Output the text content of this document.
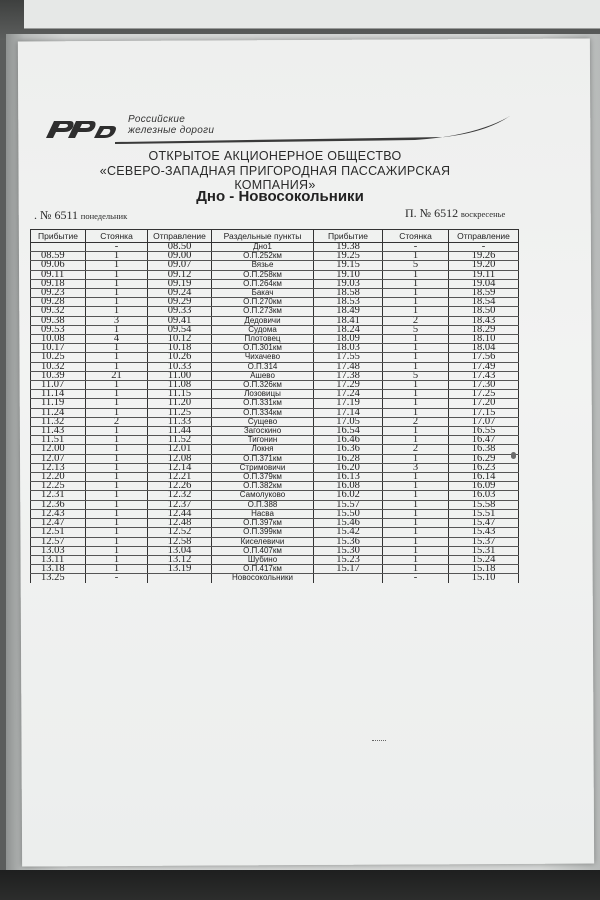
Российские
железные дороги
ОТКРЫТОЕ АКЦИОНЕРНОЕ ОБЩЕСТВО
«СЕВЕРО-ЗАПАДНАЯ ПРИГОРОДНАЯ ПАССАЖИРСКАЯ КОМПАНИЯ»
Дно - Новосокольники
. № 6511 понедельник	П. № 6512 воскресенье
Прибытие	Стоянка	Отправление	Раздельные пункты	Прибытие	Стоянка	Отправление
	-	08.50	Дно1	19.38	-	-
08.59	1	09.00	О.П.252км	19.25	1	19.26
09.06	1	09.07	Вязье	19.15	5	19.20
09.11	1	09.12	О.П.258км	19.10	1	19.11
09.18	1	09.19	О.П.264км	19.03	1	19.04
09.23	1	09.24	Бакач	18.58	1	18.59
09.28	1	09.29	О.П.270км	18.53	1	18.54
09.32	1	09.33	О.П.273км	18.49	1	18.50
09.38	3	09.41	Дедовичи	18.41	2	18.43
09.53	1	09.54	Судома	18.24	5	18.29
10.08	4	10.12	Плотовец	18.09	1	18.10
10.17	1	10.18	О.П.301км	18.03	1	18.04
10.25	1	10.26	Чихачево	17.55	1	17.56
10.32	1	10.33	О.П.314	17.48	1	17.49
10.39	21	11.00	Ашево	17.38	5	17.43
11.07	1	11.08	О.П.326км	17.29	1	17.30
11.14	1	11.15	Лозовицы	17.24	1	17.25
11.19	1	11.20	О.П.331км	17.19	1	17.20
11.24	1	11.25	О.П.334км	17.14	1	17.15
11.32	2	11.33	Сущево	17.05	2	17.07
11.43	1	11.44	Загоскино	16.54	1	16.55
11.51	1	11.52	Тигонин	16.46	1	16.47
12.00	1	12.01	Локня	16.36	2	16.38
12.07	1	12.08	О.П.371км	16.28	1	16.29
12.13	1	12.14	Стримовичи	16.20	3	16.23
12.20	1	12.21	О.П.379км	16.13	1	16.14
12.25	1	12.26	О.П.382км	16.08	1	16.09
12.31	1	12.32	Самолуково	16.02	1	16.03
12.36	1	12.37	О.П.388	15.57	1	15.58
12.43	1	12.44	Насва	15.50	1	15.51
12.47	1	12.48	О.П.397км	15.46	1	15.47
12.51	1	12.52	О.П.399км	15.42	1	15.43
12.57	1	12.58	Киселевичи	15.36	1	15.37
13.03	1	13.04	О.П.407км	15.30	1	15.31
13.11	1	13.12	Шубино	15.23	1	15.24
13.18	1	13.19	О.П.417км	15.17	1	15.18
13.25	-		Новосокольники		-	15.10
